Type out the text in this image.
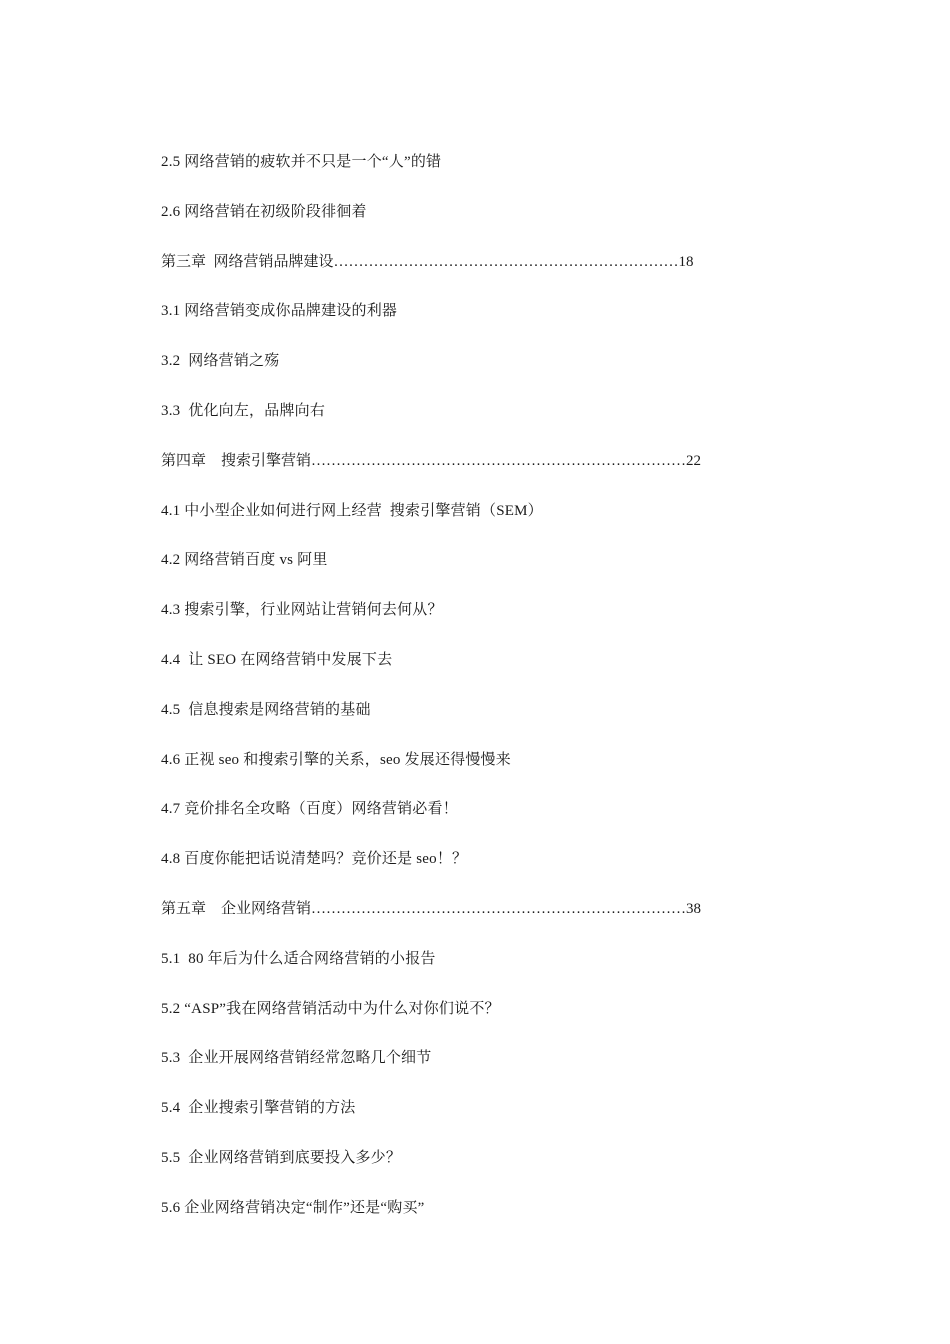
2.5 网络营销的疲软并不只是一个“人”的错
2.6 网络营销在初级阶段徘徊着
第三章  网络营销品牌建设……………………………………………………………18
3.1 网络营销变成你品牌建设的利器
3.2  网络营销之殇
3.3  优化向左，品牌向右
第四章    搜索引擎营销…………………………………………………………………22
4.1 中小型企业如何进行网上经营  搜索引擎营销（SEM）
4.2 网络营销百度 vs 阿里
4.3 搜索引擎，行业网站让营销何去何从？
4.4  让 SEO 在网络营销中发展下去
4.5  信息搜索是网络营销的基础
4.6 正视 seo 和搜索引擎的关系，seo 发展还得慢慢来
4.7 竞价排名全攻略（百度）网络营销必看！
4.8 百度你能把话说清楚吗？竞价还是 seo！？
第五章    企业网络营销…………………………………………………………………38
5.1  80 年后为什么适合网络营销的小报告
5.2 “ASP”我在网络营销活动中为什么对你们说不？
5.3  企业开展网络营销经常忽略几个细节
5.4  企业搜索引擎营销的方法
5.5  企业网络营销到底要投入多少？
5.6 企业网络营销决定“制作”还是“购买”
